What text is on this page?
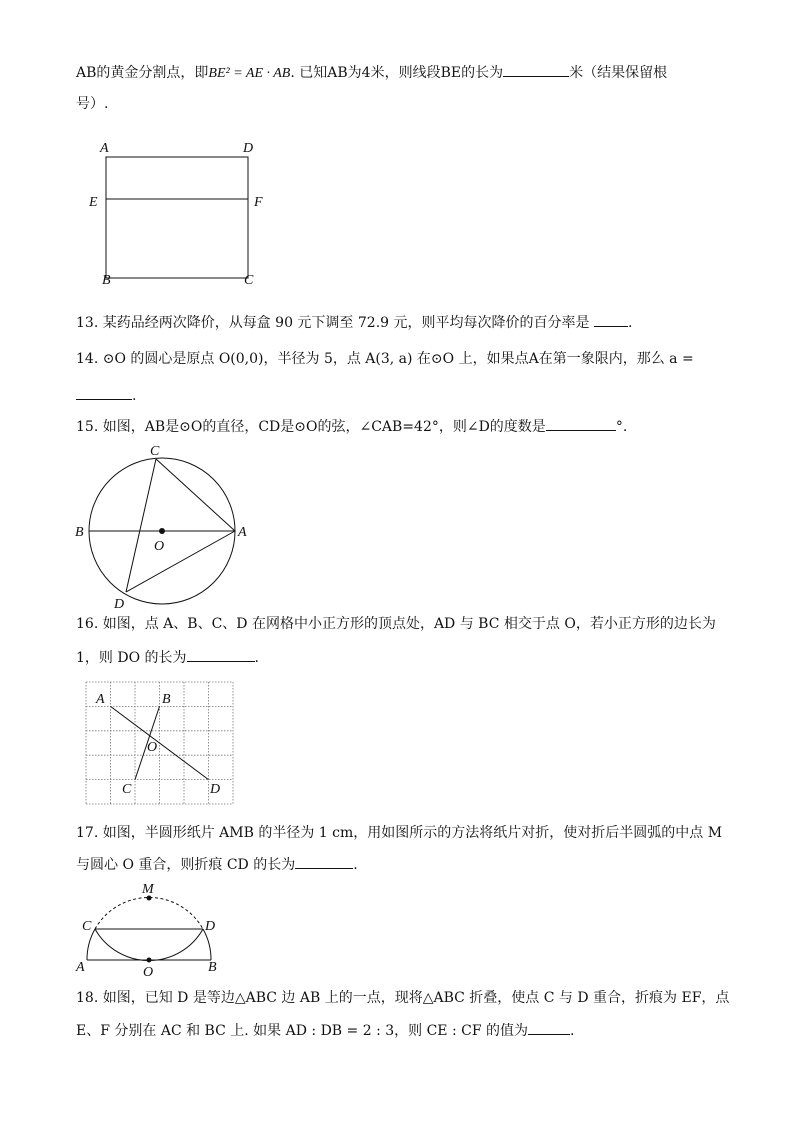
AB的黄金分割点，即BE² = AE · AB. 已知AB为4米，则线段BE的长为	米（结果保留根
号）.
A	D
E	F
B	C
13. 某药品经两次降价，从每盒 90 元下调至 72.9 元，则平均每次降价的百分率是	.
14. ⊙O 的圆心是原点 O(0,0)，半径为 5，点 A(3, a) 在⊙O 上，如果点A在第一象限内，那么 a =
.
15. 如图，AB是⊙O的直径，CD是⊙O的弦，∠CAB=42°，则∠D的度数是	°.
C
B
O
A
D
16. 如图，点 A、B、C、D 在网格中小正方形的顶点处，AD 与 BC 相交于点 O，若小正方形的边长为
1，则 DO 的长为	.
A	B
O
C	D
17. 如图，半圆形纸片 AMB 的半径为 1 cm，用如图所示的方法将纸片对折，使对折后半圆弧的中点 M
与圆心 O 重合，则折痕 CD 的长为	.
M
C	D
A	O	B
18. 如图，已知 D 是等边△ABC 边 AB 上的一点，现将△ABC 折叠，使点 C 与 D 重合，折痕为 EF，点
E、F 分别在 AC 和 BC 上. 如果 AD : DB = 2 : 3，则 CE : CF 的值为	.
